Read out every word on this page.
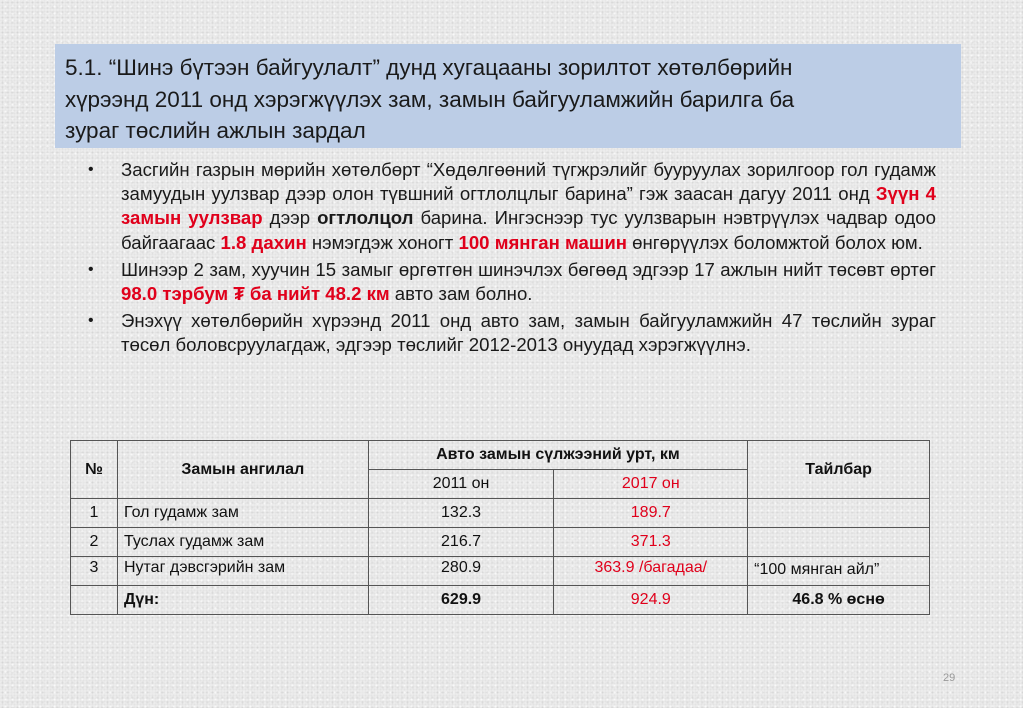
5.1. “Шинэ бүтээн байгуулалт” дунд хугацааны зорилтот хөтөлбөрийн
хүрээнд 2011 онд хэрэгжүүлэх зам, замын байгууламжийн барилга ба
зураг төслийн ажлын зардал
• Засгийн газрын мөрийн хөтөлбөрт “Хөдөлгөөний түгжрэлийг бууруулах зорилгоор гол гудамж замуудын уулзвар дээр олон түвшний огтлолцлыг барина” гэж заасан дагуу 2011 онд Зүүн 4 замын уулзвар дээр огтлолцол барина. Ингэснээр тус уулзварын нэвтрүүлэх чадвар одоо байгаагаас 1.8 дахин нэмэгдэж хоногт 100 мянган машин өнгөрүүлэх боломжтой болох юм.
• Шинээр 2 зам, хуучин 15 замыг өргөтгөн шинэчлэх бөгөөд эдгээр 17 ажлын нийт төсөвт өртөг 98.0 тэрбум ₮ ба нийт 48.2 км авто зам болно.
• Энэхүү хөтөлбөрийн хүрээнд 2011 онд авто зам, замын байгууламжийн 47 төслийн зураг төсөл боловсруулагдаж, эдгээр төслийг 2012-2013 онуудад хэрэгжүүлнэ.
№	Замын ангилал	Авто замын сүлжээний урт, км		Тайлбар
		2011 он	2017 он	
1	Гол гудамж зам	132.3	189.7	
2	Туслах гудамж зам	216.7	371.3	
3	Нутаг дэвсгэрийн зам	280.9	363.9 /багадаа/	“100 мянган айл”
	Дүн:	629.9	924.9	46.8 % өснө
29
